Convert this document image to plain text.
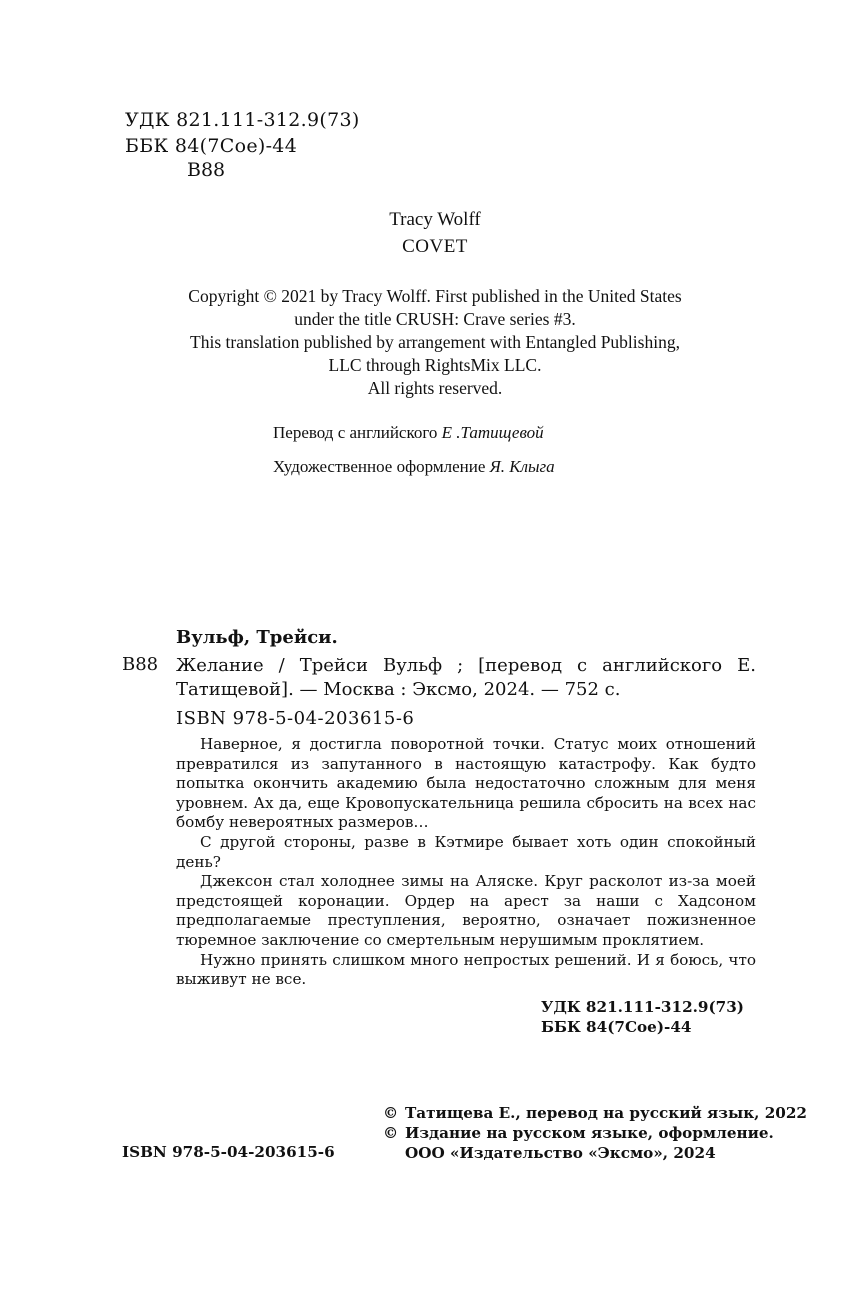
УДК 821.111-312.9(73)
ББК 84(7Сое)-44
В88
Tracy Wolff
COVET
Copyright © 2021 by Tracy Wolff. First published in the United States
under the title CRUSH: Crave series #3.
This translation published by arrangement with Entangled Publishing,
LLC through RightsMix LLC.
All rights reserved.
Перевод с английского Е .Татищевой
Художественное оформление Я. Клыга
Вульф, Трейси.
В88 Желание / Трейси Вульф ; [перевод с английского Е. Татищевой]. — Москва : Эксмо, 2024. — 752 с.
ISBN 978-5-04-203615-6

Наверное, я достигла поворотной точки. Статус моих отношений превратился из запутанного в настоящую катастрофу. Как будто попытка окончить академию была недостаточно сложным для меня уровнем. Ах да, еще Кровопускательница решила сбросить на всех нас бомбу невероятных размеров…

С другой стороны, разве в Кэтмире бывает хоть один спокойный день?

Джексон стал холоднее зимы на Аляске. Круг расколот из-за моей предстоящей коронации. Ордер на арест за наши с Хадсоном предполагаемые преступления, вероятно, означает пожизненное тюремное заключение со смертельным нерушимым проклятием.

Нужно принять слишком много непростых решений. И я боюсь, что выживут не все.

УДК 821.111-312.9(73)
ББК 84(7Сое)-44
ISBN 978-5-04-203615-6
© Татищева Е., перевод на русский язык, 2022
© Издание на русском языке, оформление.
ООО «Издательство «Эксмо», 2024
